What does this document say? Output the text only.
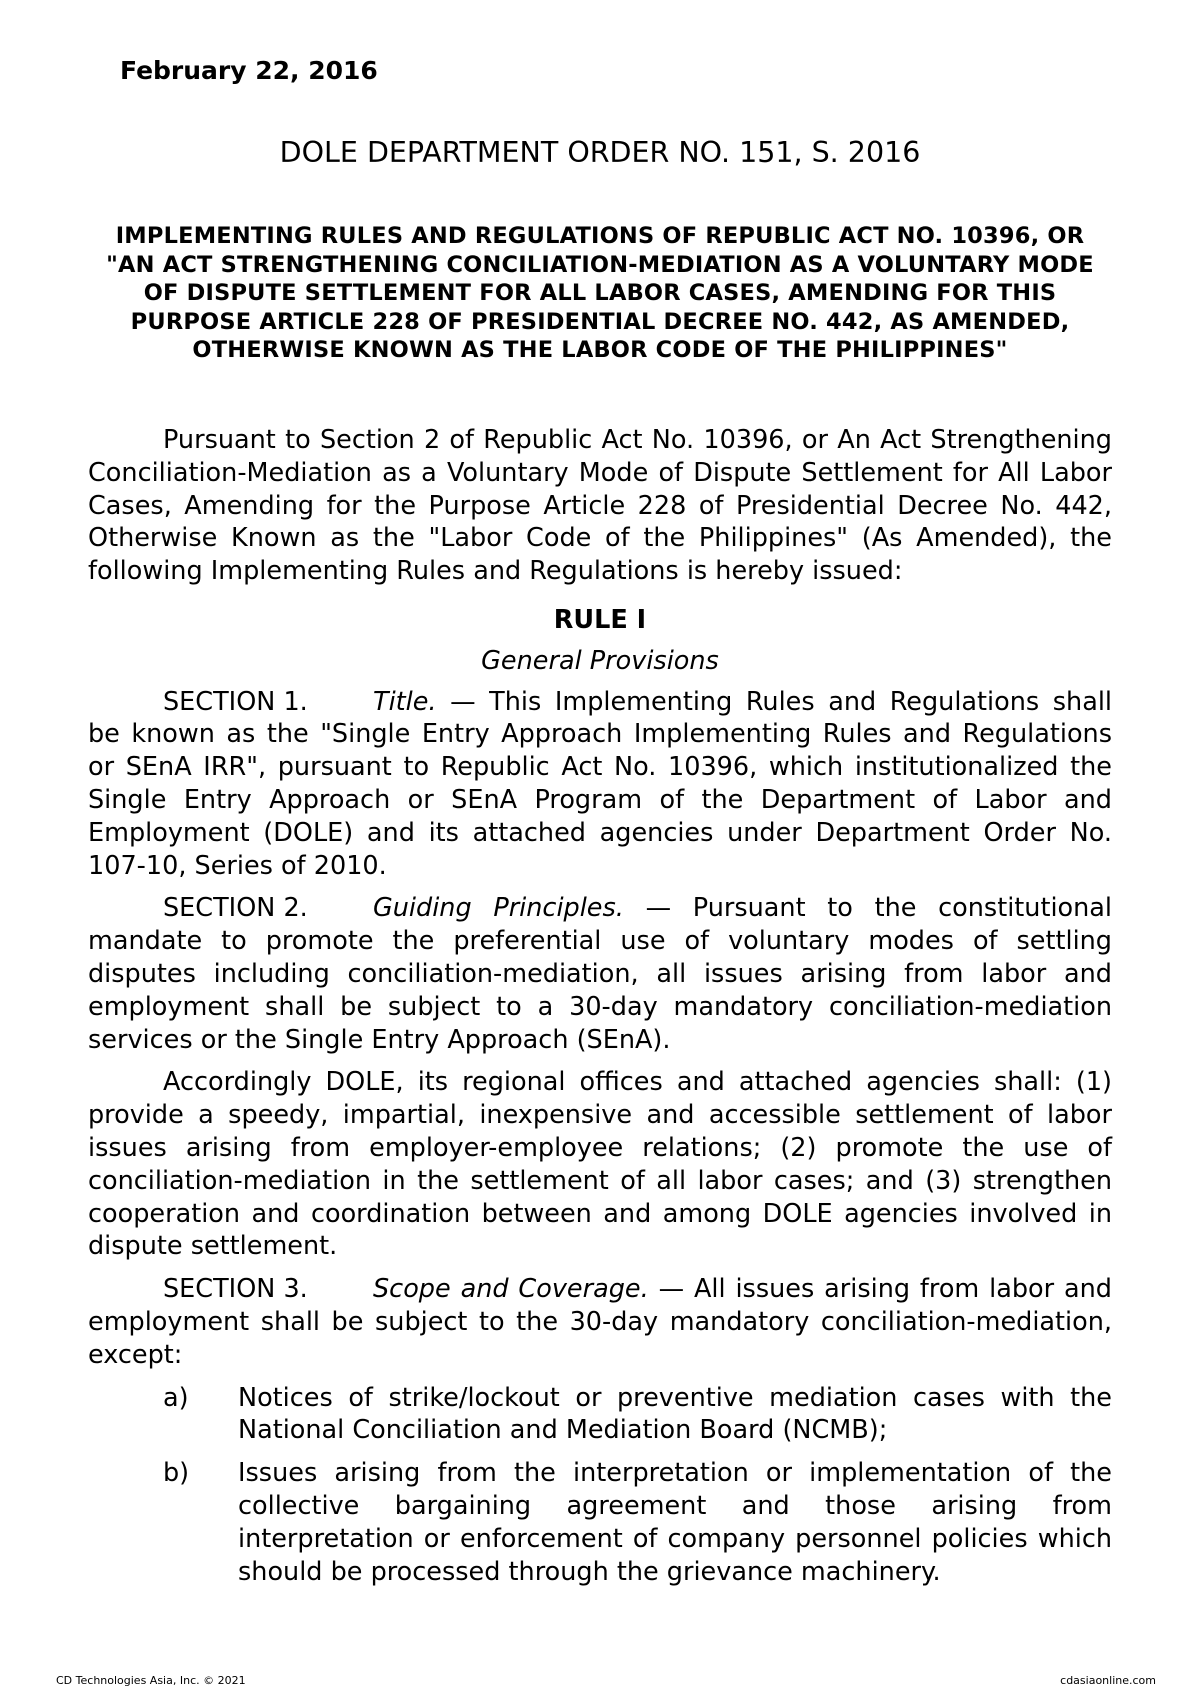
February 22, 2016
DOLE DEPARTMENT ORDER NO. 151, S. 2016
IMPLEMENTING RULES AND REGULATIONS OF REPUBLIC ACT NO. 10396, OR "AN ACT STRENGTHENING CONCILIATION-MEDIATION AS A VOLUNTARY MODE OF DISPUTE SETTLEMENT FOR ALL LABOR CASES, AMENDING FOR THIS PURPOSE ARTICLE 228 OF PRESIDENTIAL DECREE NO. 442, AS AMENDED, OTHERWISE KNOWN AS THE LABOR CODE OF THE PHILIPPINES"

Pursuant to Section 2 of Republic Act No. 10396, or An Act Strengthening Conciliation-Mediation as a Voluntary Mode of Dispute Settlement for All Labor Cases, Amending for the Purpose Article 228 of Presidential Decree No. 442, Otherwise Known as the "Labor Code of the Philippines" (As Amended), the following Implementing Rules and Regulations is hereby issued:

RULE I
General Provisions

SECTION 1.	Title. — This Implementing Rules and Regulations shall be known as the "Single Entry Approach Implementing Rules and Regulations or SEnA IRR", pursuant to Republic Act No. 10396, which institutionalized the Single Entry Approach or SEnA Program of the Department of Labor and Employment (DOLE) and its attached agencies under Department Order No. 107-10, Series of 2010.

SECTION 2.	Guiding Principles. — Pursuant to the constitutional mandate to promote the preferential use of voluntary modes of settling disputes including conciliation-mediation, all issues arising from labor and employment shall be subject to a 30-day mandatory conciliation-mediation services or the Single Entry Approach (SEnA).

Accordingly DOLE, its regional offices and attached agencies shall: (1) provide a speedy, impartial, inexpensive and accessible settlement of labor issues arising from employer-employee relations; (2) promote the use of conciliation-mediation in the settlement of all labor cases; and (3) strengthen cooperation and coordination between and among DOLE agencies involved in dispute settlement.

SECTION 3.	Scope and Coverage. — All issues arising from labor and employment shall be subject to the 30-day mandatory conciliation-mediation, except:

a) Notices of strike/lockout or preventive mediation cases with the National Conciliation and Mediation Board (NCMB);
b) Issues arising from the interpretation or implementation of the collective bargaining agreement and those arising from interpretation or enforcement of company personnel policies which should be processed through the grievance machinery.
CD Technologies Asia, Inc. © 2021	cdasiaonline.com
